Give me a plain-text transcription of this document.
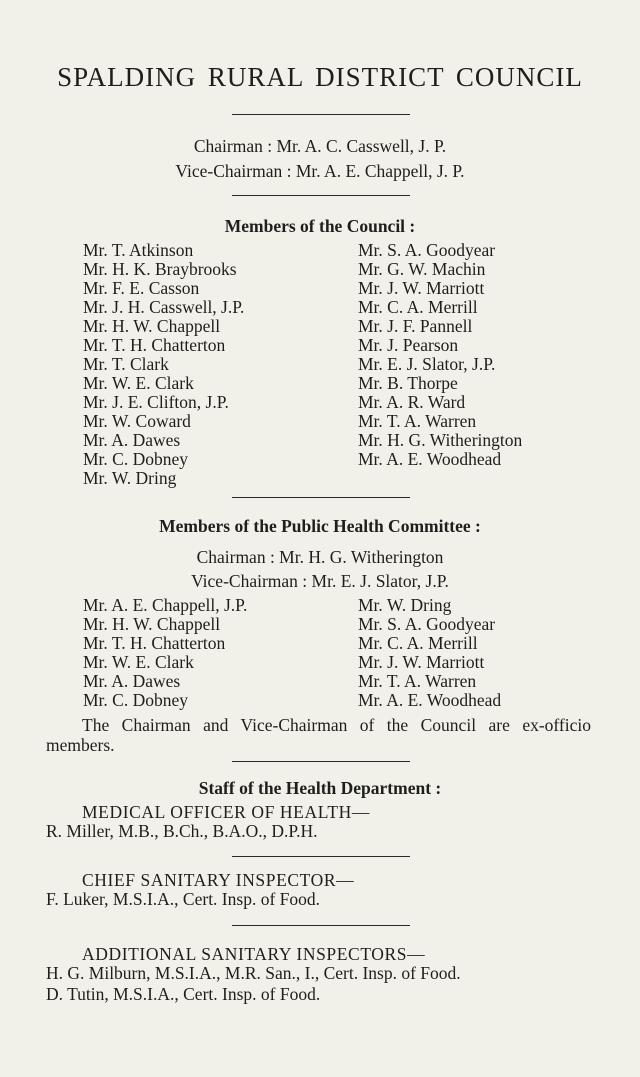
SPALDING RURAL DISTRICT COUNCIL
Chairman : Mr. A. C. Casswell, J. P.
Vice-Chairman : Mr. A. E. Chappell, J. P.
Members of the Council :
Mr. T. Atkinson
Mr. H. K. Braybrooks
Mr. F. E. Casson
Mr. J. H. Casswell, J.P.
Mr. H. W. Chappell
Mr. T. H. Chatterton
Mr. T. Clark
Mr. W. E. Clark
Mr. J. E. Clifton, J.P.
Mr. W. Coward
Mr. A. Dawes
Mr. C. Dobney
Mr. W. Dring
Mr. S. A. Goodyear
Mr. G. W. Machin
Mr. J. W. Marriott
Mr. C. A. Merrill
Mr. J. F. Pannell
Mr. J. Pearson
Mr. E. J. Slator, J.P.
Mr. B. Thorpe
Mr. A. R. Ward
Mr. T. A. Warren
Mr. H. G. Witherington
Mr. A. E. Woodhead
Members of the Public Health Committee :
Chairman : Mr. H. G. Witherington
Vice-Chairman : Mr. E. J. Slator, J.P.
Mr. A. E. Chappell, J.P.
Mr. H. W. Chappell
Mr. T. H. Chatterton
Mr. W. E. Clark
Mr. A. Dawes
Mr. C. Dobney
Mr. W. Dring
Mr. S. A. Goodyear
Mr. C. A. Merrill
Mr. J. W. Marriott
Mr. T. A. Warren
Mr. A. E. Woodhead
The Chairman and Vice-Chairman of the Council are ex-officio members.
Staff of the Health Department :
MEDICAL OFFICER OF HEALTH—
R. Miller, M.B., B.Ch., B.A.O., D.P.H.
CHIEF SANITARY INSPECTOR—
F. Luker, M.S.I.A., Cert. Insp. of Food.
ADDITIONAL SANITARY INSPECTORS—
H. G. Milburn, M.S.I.A., M.R. San., I., Cert. Insp. of Food.
D. Tutin, M.S.I.A., Cert. Insp. of Food.
